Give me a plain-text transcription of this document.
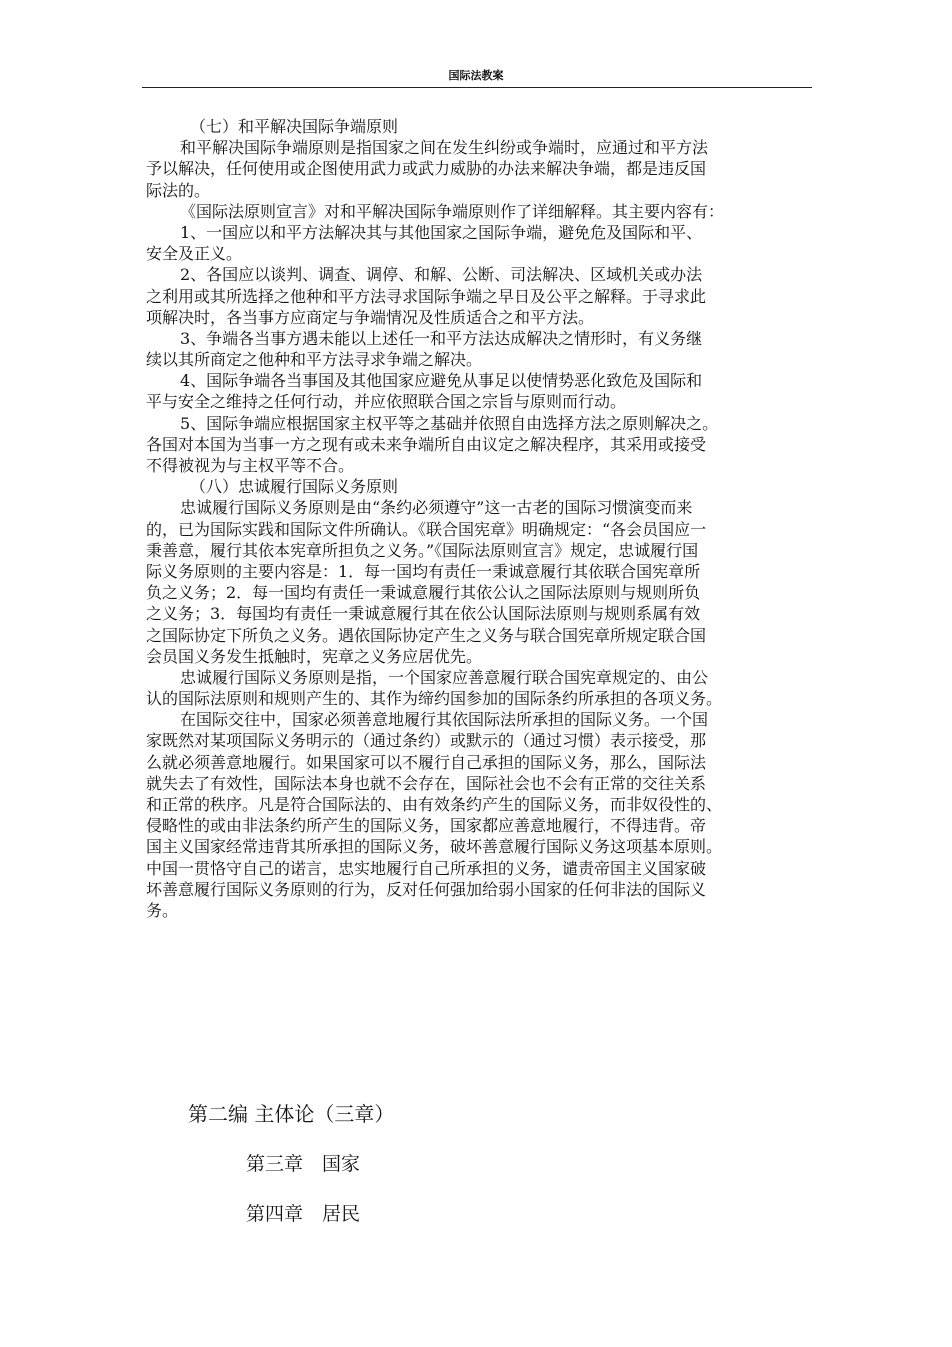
国际法教案
（七）和平解决国际争端原则
和平解决国际争端原则是指国家之间在发生纠纷或争端时，应通过和平方法
予以解决，任何使用或企图使用武力或武力威胁的办法来解决争端，都是违反国
际法的。
《国际法原则宣言》对和平解决国际争端原则作了详细解释。其主要内容有：
1、一国应以和平方法解决其与其他国家之国际争端，避免危及国际和平、
安全及正义。
2、各国应以谈判、调查、调停、和解、公断、司法解决、区域机关或办法
之利用或其所选择之他种和平方法寻求国际争端之早日及公平之解释。于寻求此
项解决时，各当事方应商定与争端情况及性质适合之和平方法。
3、争端各当事方遇未能以上述任一和平方法达成解决之情形时，有义务继
续以其所商定之他种和平方法寻求争端之解决。
4、国际争端各当事国及其他国家应避免从事足以使情势恶化致危及国际和
平与安全之维持之任何行动，并应依照联合国之宗旨与原则而行动。
5、国际争端应根据国家主权平等之基础并依照自由选择方法之原则解决之。
各国对本国为当事一方之现有或未来争端所自由议定之解决程序，其采用或接受
不得被视为与主权平等不合。
（八）忠诚履行国际义务原则
忠诚履行国际义务原则是由“条约必须遵守”这一古老的国际习惯演变而来
的，已为国际实践和国际文件所确认。《联合国宪章》明确规定：“各会员国应一
秉善意，履行其依本宪章所担负之义务。”《国际法原则宣言》规定，忠诚履行国
际义务原则的主要内容是：1．每一国均有责任一秉诚意履行其依联合国宪章所
负之义务；2．每一国均有责任一秉诚意履行其依公认之国际法原则与规则所负
之义务；3．每国均有责任一秉诚意履行其在依公认国际法原则与规则系属有效
之国际协定下所负之义务。遇依国际协定产生之义务与联合国宪章所规定联合国
会员国义务发生抵触时，宪章之义务应居优先。
忠诚履行国际义务原则是指，一个国家应善意履行联合国宪章规定的、由公
认的国际法原则和规则产生的、其作为缔约国参加的国际条约所承担的各项义务。
在国际交往中，国家必须善意地履行其依国际法所承担的国际义务。一个国
家既然对某项国际义务明示的（通过条约）或默示的（通过习惯）表示接受，那
么就必须善意地履行。如果国家可以不履行自己承担的国际义务，那么，国际法
就失去了有效性，国际法本身也就不会存在，国际社会也不会有正常的交往关系
和正常的秩序。凡是符合国际法的、由有效条约产生的国际义务，而非奴役性的、
侵略性的或由非法条约所产生的国际义务，国家都应善意地履行，不得违背。帝
国主义国家经常违背其所承担的国际义务，破坏善意履行国际义务这项基本原则。
中国一贯恪守自己的诺言，忠实地履行自己所承担的义务，谴责帝国主义国家破
坏善意履行国际义务原则的行为，反对任何强加给弱小国家的任何非法的国际义
务。
第二编 主体论（三章）
第三章　国家
第四章　居民
